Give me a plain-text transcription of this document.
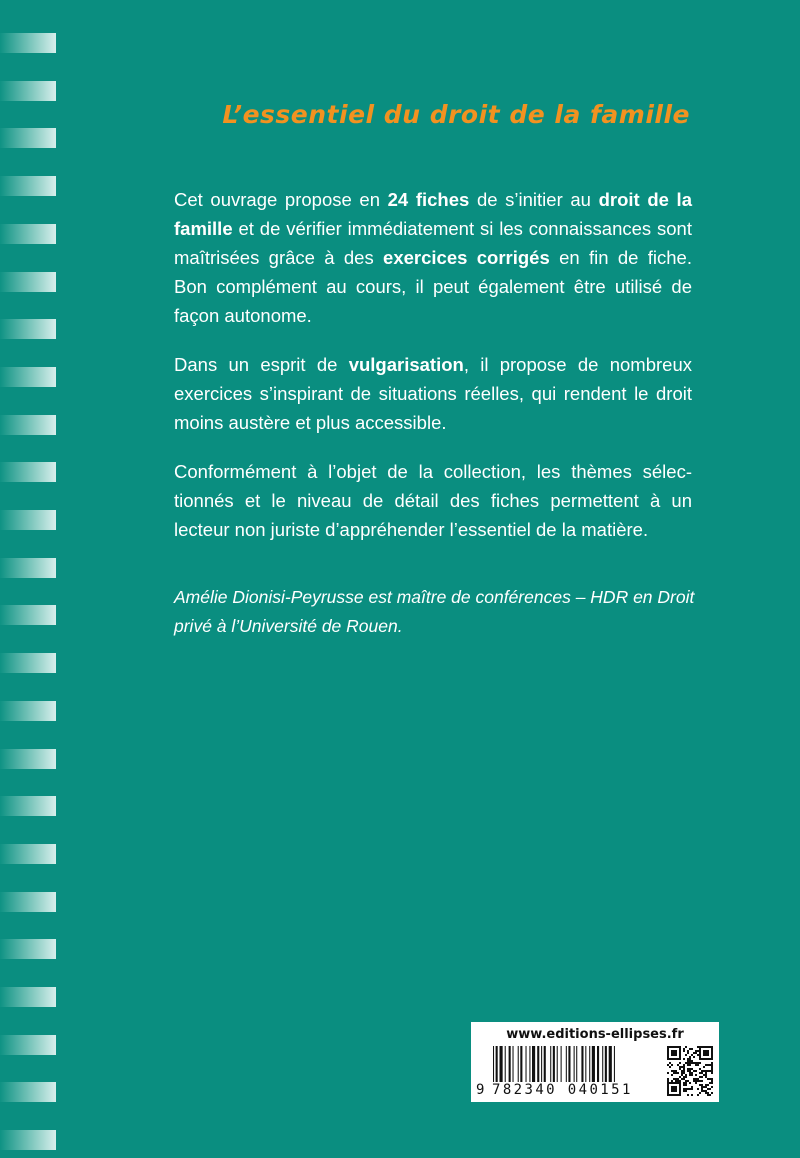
L’essentiel du droit de la famille

Cet ouvrage propose en 24 fiches de s’initier au droit de la famille et de vérifier immédiatement si les connaissances sont maîtrisées grâce à des exercices corrigés en fin de fiche. Bon complément au cours, il peut également être utilisé de façon autonome.

Dans un esprit de vulgarisation, il propose de nombreux exercices s’inspirant de situations réelles, qui rendent le droit moins austère et plus accessible.

Conformément à l’objet de la collection, les thèmes sélectionnés et le niveau de détail des fiches permettent à un lecteur non juriste d’appréhender l’essentiel de la matière.

Amélie Dionisi-Peyrusse est maître de conférences – HDR en Droit privé à l’Université de Rouen.
www.editions-ellipses.fr
9 782340 040151
